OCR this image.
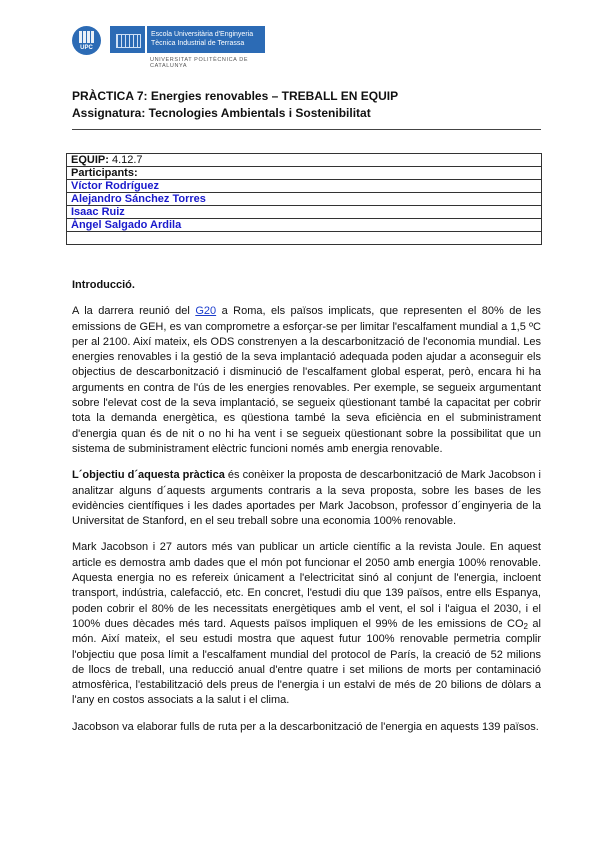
UPC
Escola Universitària d'Enginyeria
Tècnica Industrial de Terrassa
UNIVERSITAT POLITÈCNICA DE CATALUNYA
PRÀCTICA 7: Energies renovables – TREBALL EN EQUIP
Assignatura: Tecnologies Ambientals i Sostenibilitat
EQUIP: 4.12.7
Participants:
Víctor Rodríguez
Alejandro Sánchez Torres
Isaac Ruiz
Ángel Salgado Ardila

Introducció.

A la darrera reunió del G20 a Roma, els països implicats, que representen el 80% de les emissions de GEH, es van comprometre a esforçar-se per limitar l'escalfament mundial a 1,5 ºC per al 2100. Així mateix, els ODS constrenyen a la descarbonització de l'economia mundial. Les energies renovables i la gestió de la seva implantació adequada poden ajudar a aconseguir els objectius de descarbonització i disminució de l'escalfament global esperat, però, encara hi ha arguments en contra de l'ús de les energies renovables. Per exemple, se segueix argumentant sobre l'elevat cost de la seva implantació, se segueix qüestionant també la capacitat per cobrir tota la demanda energètica, es qüestiona també la seva eficiència en el subministrament d'energia quan és de nit o no hi ha vent i se segueix qüestionant sobre la possibilitat que un sistema de subministrament elèctric funcioni només amb energia renovable.

L´objectiu d´aquesta pràctica és conèixer la proposta de descarbonització de Mark Jacobson i analitzar alguns d´aquests arguments contraris a la seva proposta, sobre les bases de les evidències científiques i les dades aportades per Mark Jacobson, professor d´enginyeria de la Universitat de Stanford, en el seu treball sobre una economia 100% renovable.

Mark Jacobson i 27 autors més van publicar un article científic a la revista Joule. En aquest article es demostra amb dades que el món pot funcionar el 2050 amb energia 100% renovable. Aquesta energia no es refereix únicament a l'electricitat sinó al conjunt de l'energia, incloent transport, indústria, calefacció, etc. En concret, l'estudi diu que 139 països, entre ells Espanya, poden cobrir el 80% de les necessitats energètiques amb el vent, el sol i l'aigua el 2030, i el 100% dues dècades més tard. Aquests països impliquen el 99% de les emissions de $CO_2$ al món. Així mateix, el seu estudi mostra que aquest futur 100% renovable permetria complir l'objectiu que posa límit a l'escalfament mundial del protocol de París, la creació de 52 milions de llocs de treball, una reducció anual d'entre quatre i set milions de morts per contaminació atmosfèrica, l'estabilització dels preus de l'energia i un estalvi de més de 20 bilions de dòlars a l'any en costos associats a la salut i el clima.

Jacobson va elaborar fulls de ruta per a la descarbonització de l'energia en aquests 139 països.
